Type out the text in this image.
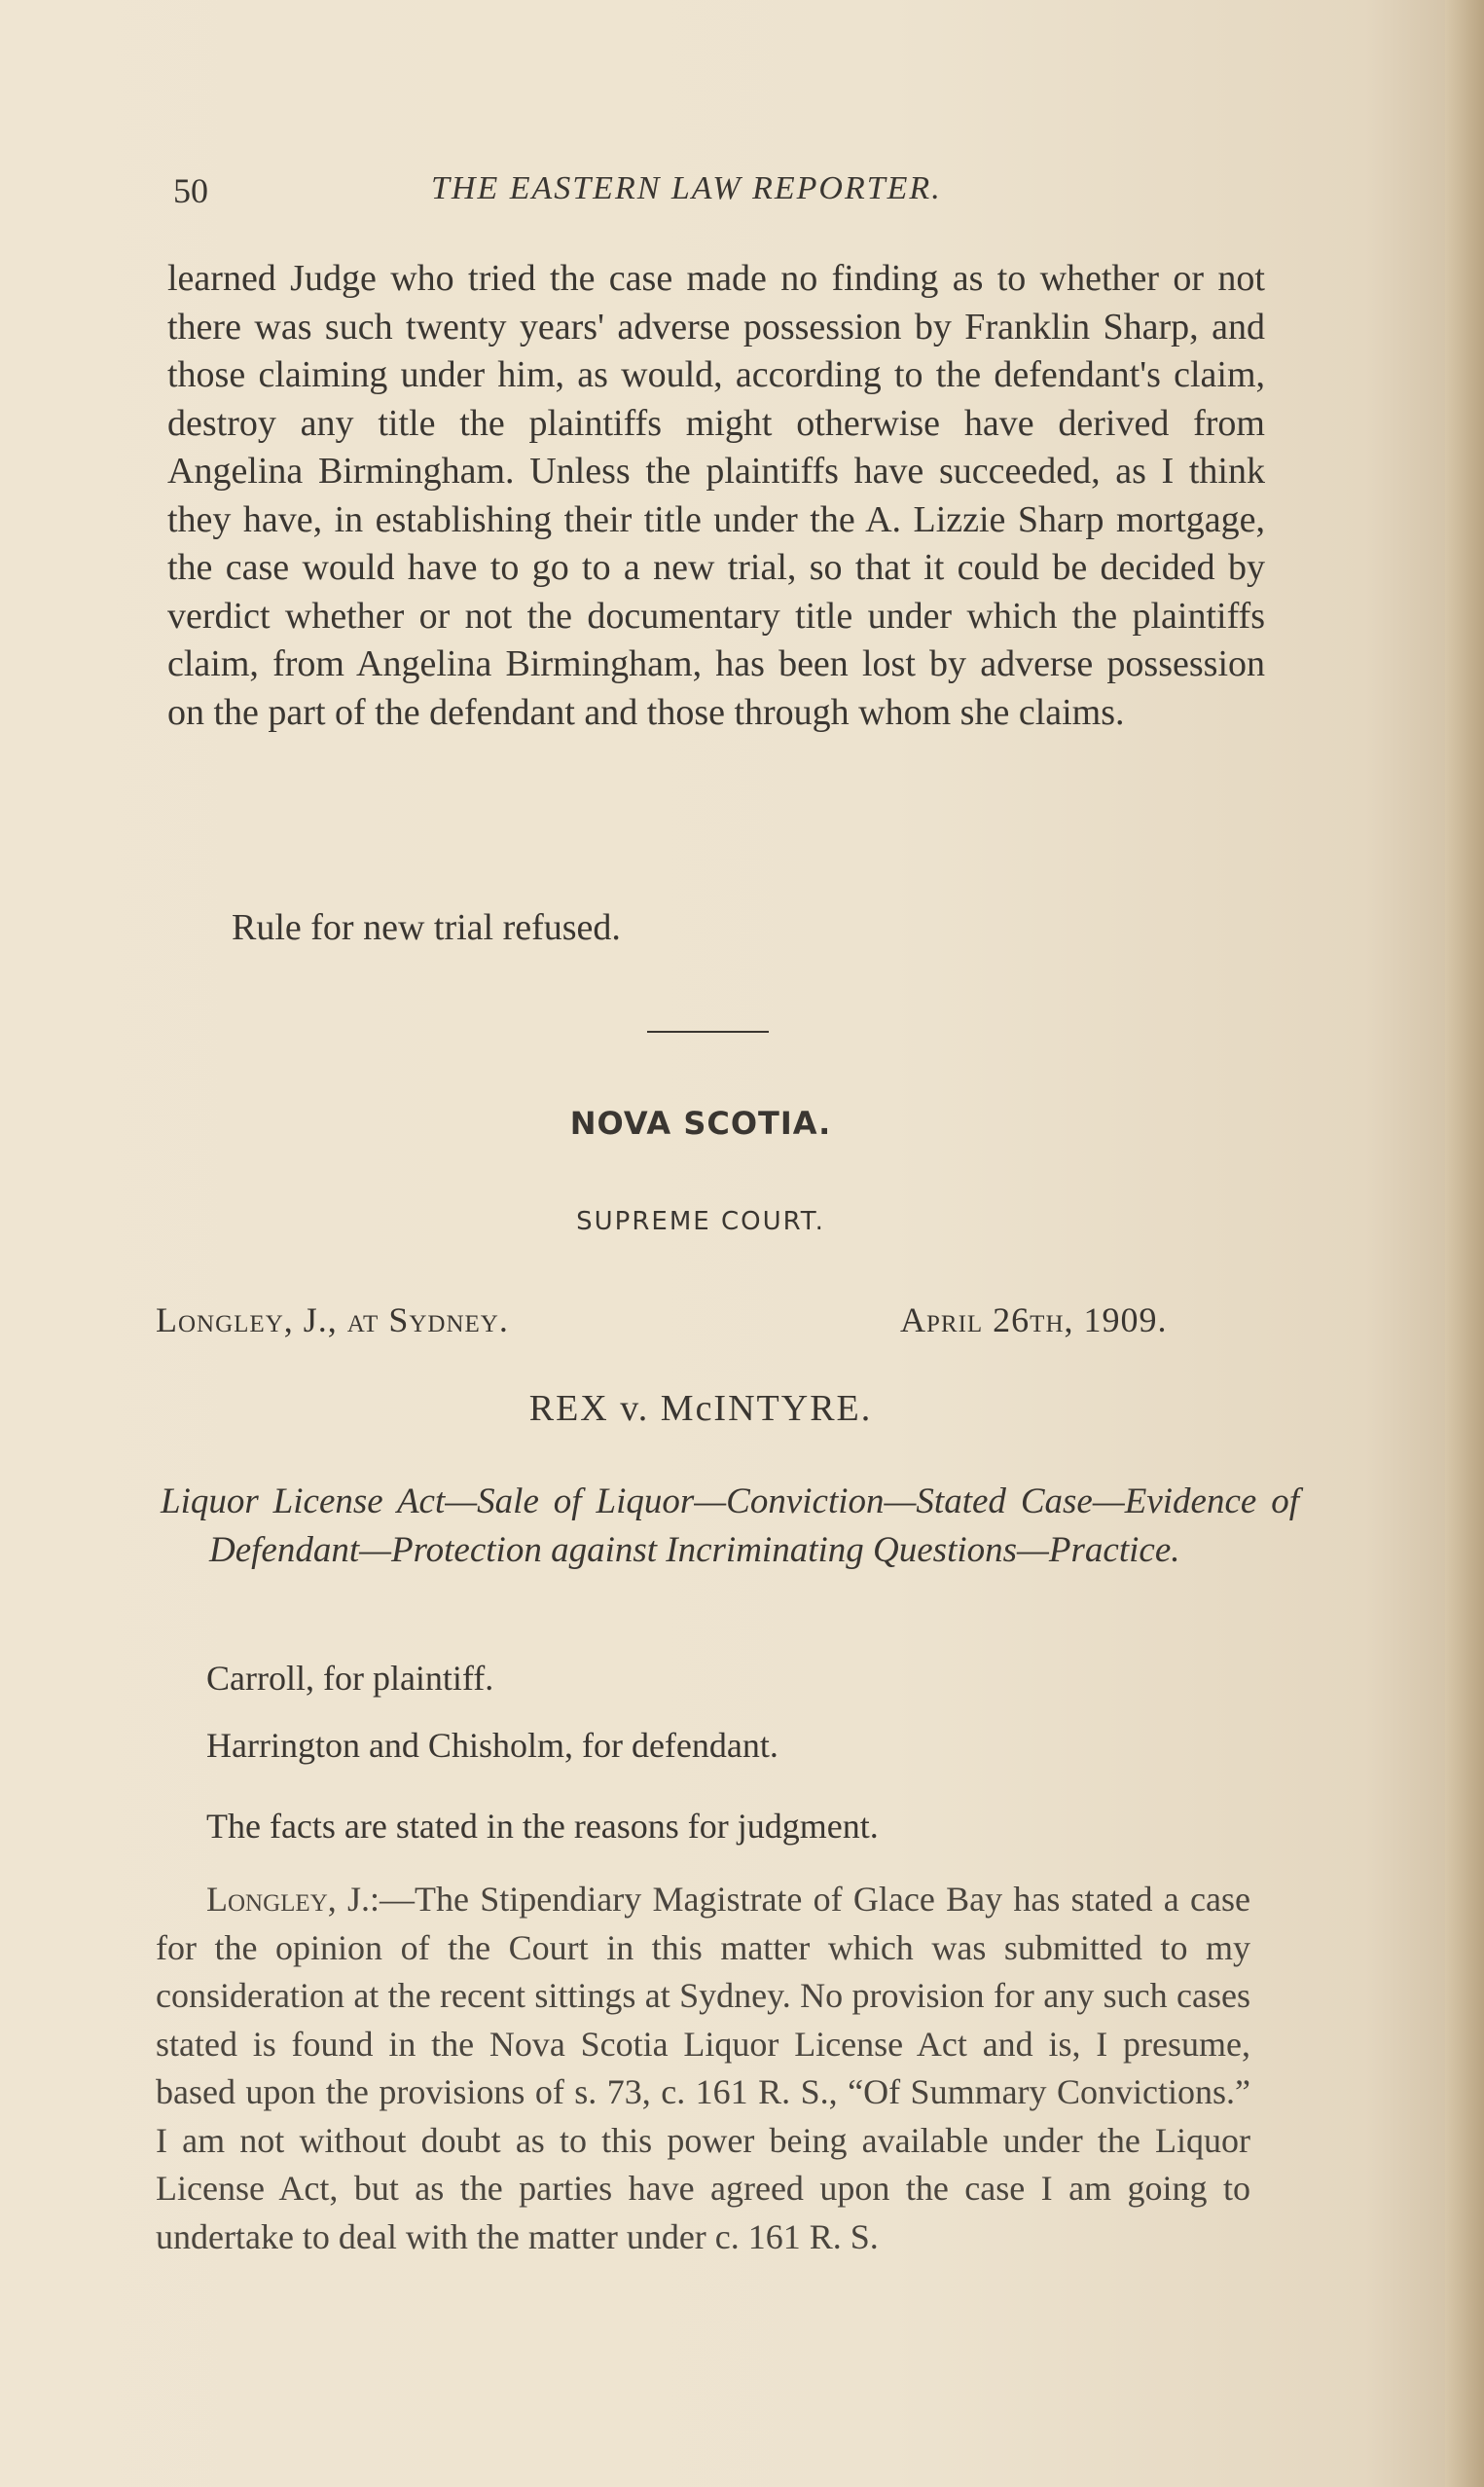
50	THE EASTERN LAW REPORTER.

learned Judge who tried the case made no finding as to whether or not there was such twenty years' adverse possession by Franklin Sharp, and those claiming under him, as would, according to the defendant's claim, destroy any title the plaintiffs might otherwise have derived from Angelina Birmingham. Unless the plaintiffs have succeeded, as I think they have, in establishing their title under the A. Lizzie Sharp mortgage, the case would have to go to a new trial, so that it could be decided by verdict whether or not the documentary title under which the plaintiffs claim, from Angelina Birmingham, has been lost by adverse possession on the part of the defendant and those through whom she claims.

Rule for new trial refused.

NOVA SCOTIA.
SUPREME COURT.
Longley, J., at Sydney.	April 26th, 1909.
REX v. McINTYRE.

Liquor License Act—Sale of Liquor—Conviction—Stated Case—Evidence of Defendant—Protection against Incriminating Questions—Practice.

Carroll, for plaintiff.

Harrington and Chisholm, for defendant.

The facts are stated in the reasons for judgment.

Longley, J.:—The Stipendiary Magistrate of Glace Bay has stated a case for the opinion of the Court in this matter which was submitted to my consideration at the recent sittings at Sydney. No provision for any such cases stated is found in the Nova Scotia Liquor License Act and is, I presume, based upon the provisions of s. 73, c. 161 R. S., “Of Summary Convictions.” I am not without doubt as to this power being available under the Liquor License Act, but as the parties have agreed upon the case I am going to undertake to deal with the matter under c. 161 R. S.
